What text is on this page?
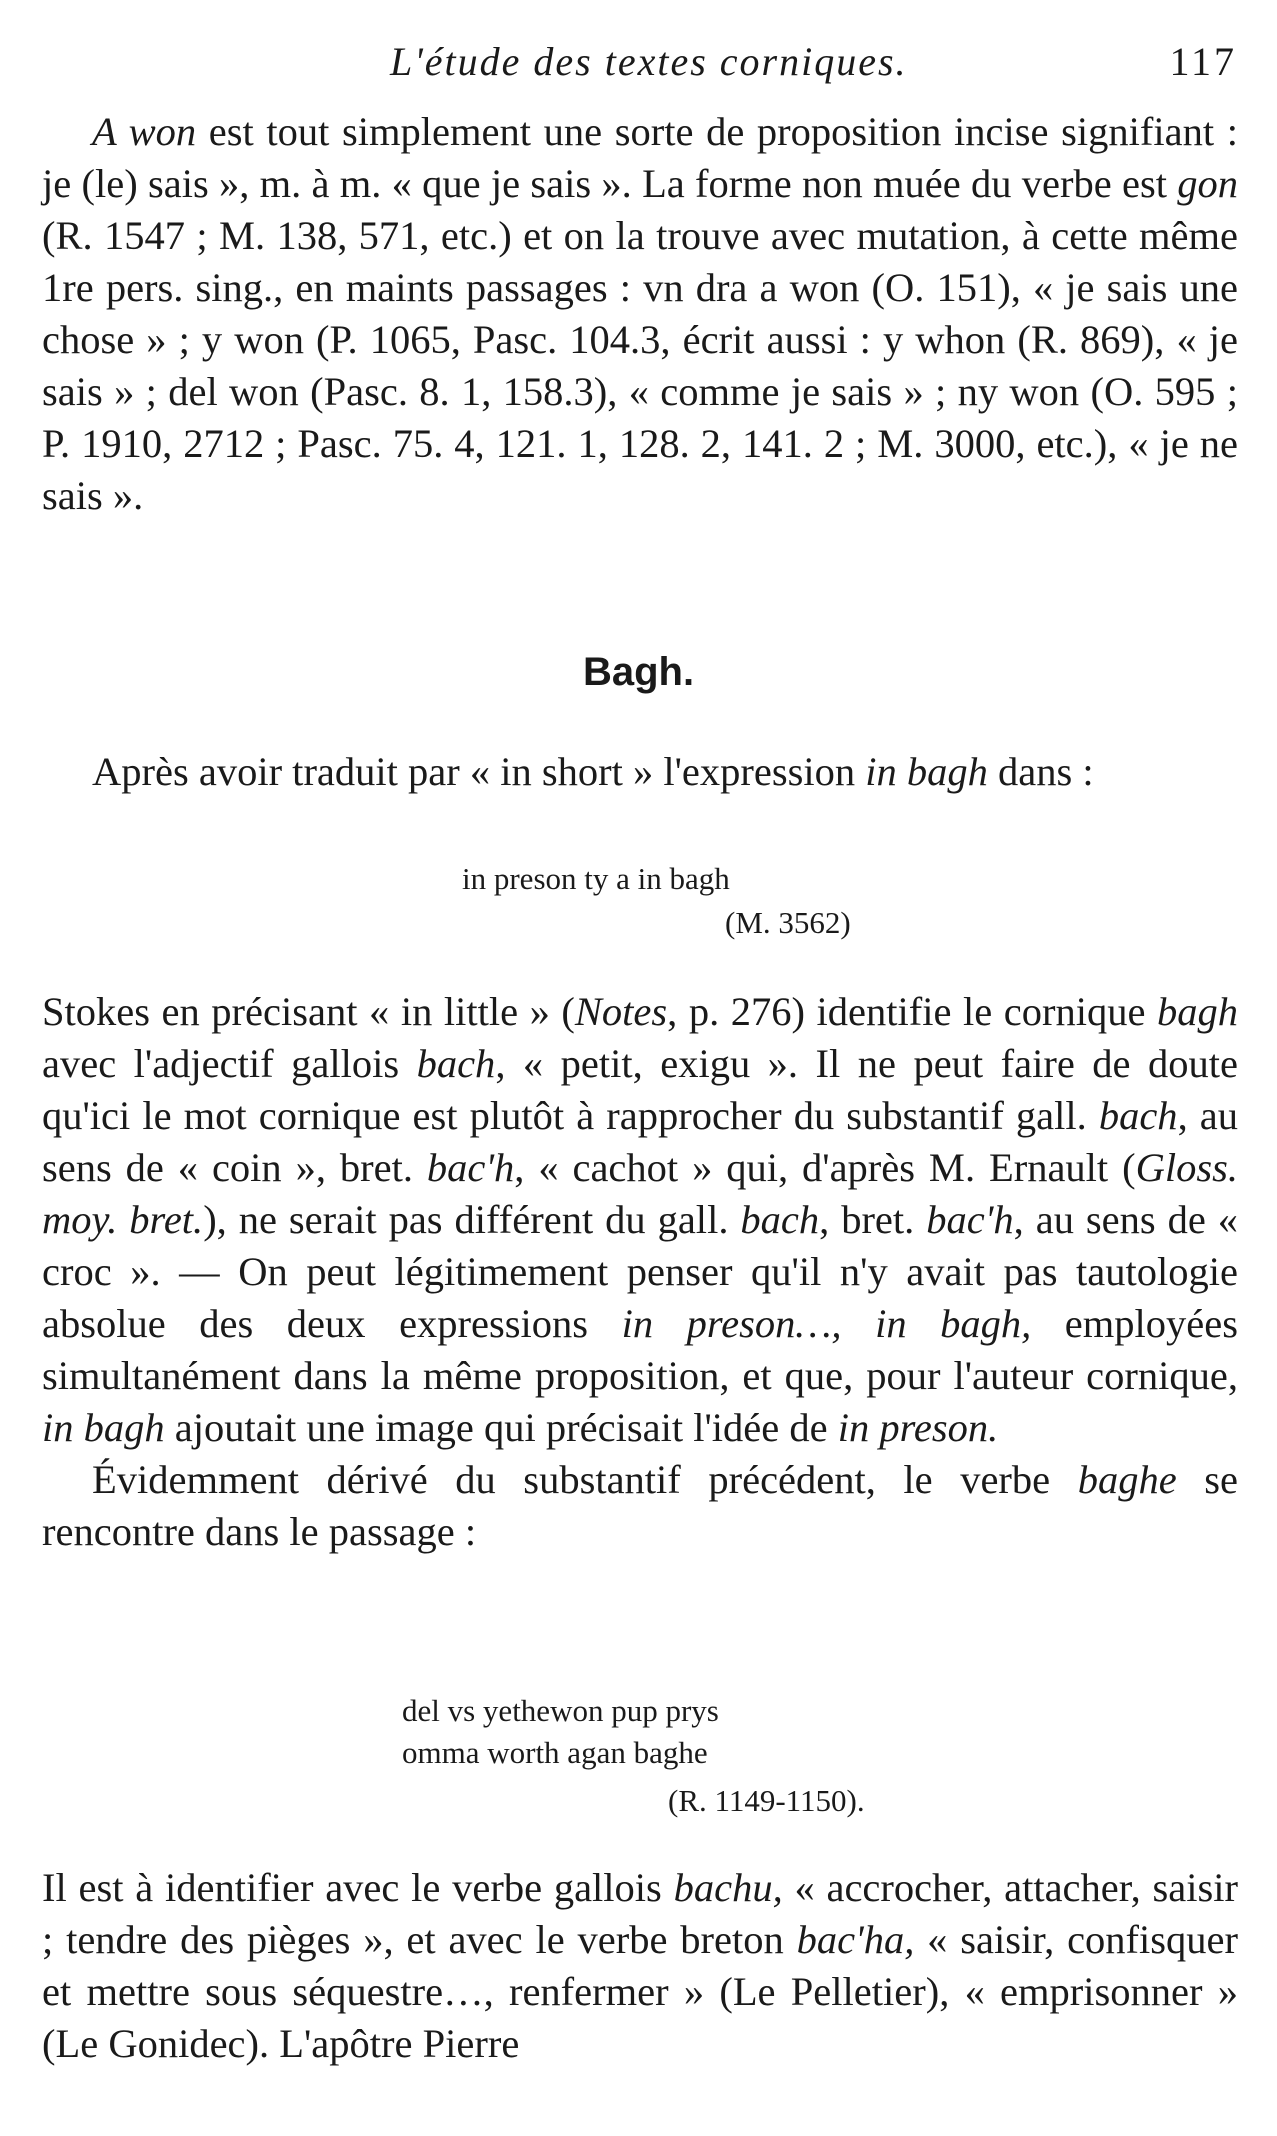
L'étude des textes corniques.	117

A won est tout simplement une sorte de proposition incise signifiant : je (le) sais », m. à m. « que je sais ». La forme non muée du verbe est gon (R. 1547 ; M. 138, 571, etc.) et on la trouve avec mutation, à cette même 1re pers. sing., en maints passages : vn dra a won (O. 151), « je sais une chose » ; y won (P. 1065, Pasc. 104.3, écrit aussi : y whon (R. 869), « je sais » ; del won (Pasc. 8. 1, 158.3), « comme je sais » ; ny won (O. 595 ; P. 1910, 2712 ; Pasc. 75. 4, 121. 1, 128. 2, 141. 2 ; M. 3000, etc.), « je ne sais ».

Bagh.

Après avoir traduit par « in short » l'expression in bagh dans :

in preson ty a in bagh
(M. 3562)

Stokes en précisant « in little » (Notes, p. 276) identifie le cornique bagh avec l'adjectif gallois bach, « petit, exigu ». Il ne peut faire de doute qu'ici le mot cornique est plutôt à rapprocher du substantif gall. bach, au sens de « coin », bret. bac'h, « cachot » qui, d'après M. Ernault (Gloss. moy. bret.), ne serait pas différent du gall. bach, bret. bac'h, au sens de « croc ». — On peut légitimement penser qu'il n'y avait pas tautologie absolue des deux expressions in preson…, in bagh, employées simultanément dans la même proposition, et que, pour l'auteur cornique, in bagh ajoutait une image qui précisait l'idée de in preson.

Évidemment dérivé du substantif précédent, le verbe baghe se rencontre dans le passage :

del vs yethewon pup prys
omma worth agan baghe
(R. 1149-1150).

Il est à identifier avec le verbe gallois bachu, « accrocher, attacher, saisir ; tendre des pièges », et avec le verbe breton bac'ha, « saisir, confisquer et mettre sous séquestre…, renfermer » (Le Pelletier), « emprisonner » (Le Gonidec). L'apôtre Pierre
